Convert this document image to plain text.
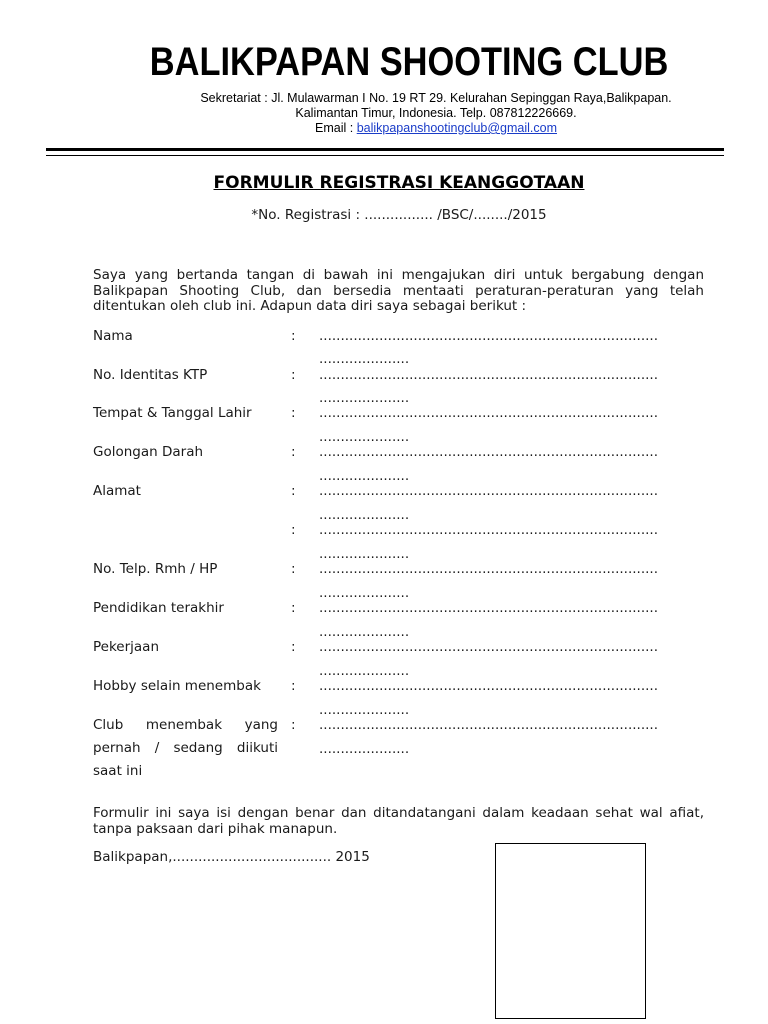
BALIKPAPAN SHOOTING CLUB
Sekretariat : Jl. Mulawarman I No. 19 RT 29. Kelurahan Sepinggan Raya,Balikpapan.
Kalimantan Timur, Indonesia. Telp. 087812226669.
Email : balikpapanshootingclub@gmail.com
FORMULIR REGISTRASI KEANGGOTAAN
*No. Registrasi : ................ /BSC/......../2015
Saya yang bertanda tangan di bawah ini mengajukan diri untuk bergabung dengan Balikpapan Shooting Club, dan bersedia mentaati peraturan-peraturan yang telah ditentukan oleh club ini. Adapun data diri saya sebagai berikut :
Nama	: ...............................................................................
.....................
No. Identitas KTP	: ...............................................................................
.....................
Tempat & Tanggal Lahir	: ...............................................................................
.....................
Golongan Darah	: ...............................................................................
.....................
Alamat	: ...............................................................................
.....................
: ...............................................................................
.....................
No. Telp. Rmh / HP	: ...............................................................................
.....................
Pendidikan terakhir	: ...............................................................................
.....................
Pekerjaan	: ...............................................................................
.....................
Hobby selain menembak	: ...............................................................................
.....................
Club menembak yang pernah / sedang diikuti saat ini
: ...............................................................................
.....................
Formulir ini saya isi dengan benar dan ditandatangani dalam keadaan sehat wal afiat, tanpa paksaan dari pihak manapun.
Balikpapan,..................................... 2015
